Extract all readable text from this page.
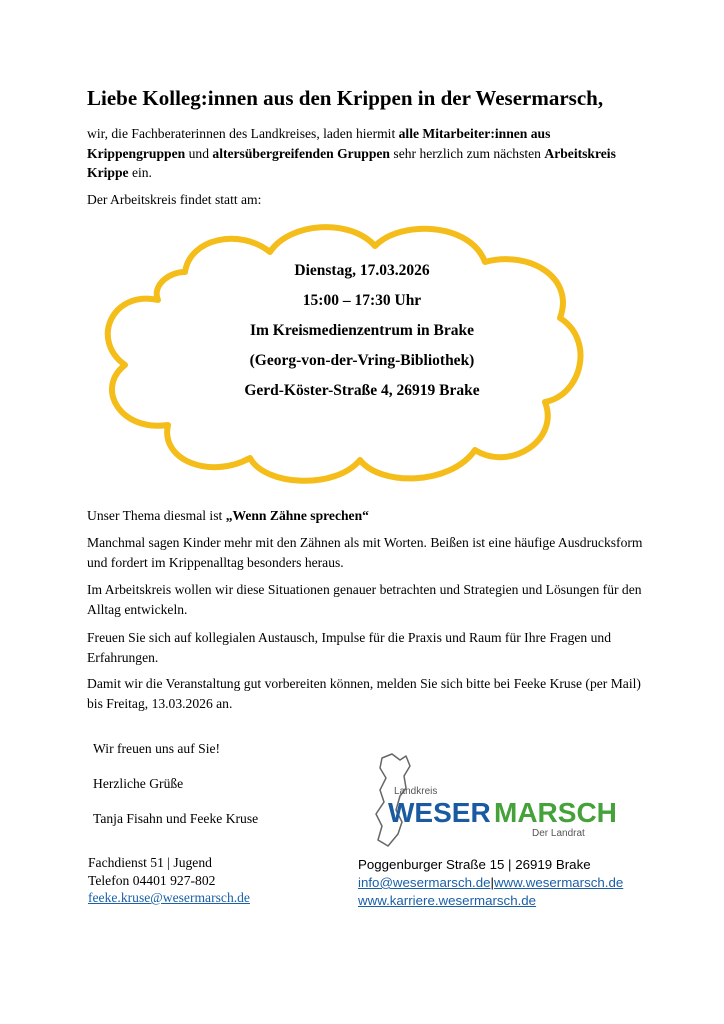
Liebe Kolleg:innen aus den Krippen in der Wesermarsch,
wir, die Fachberaterinnen des Landkreises, laden hiermit alle Mitarbeiter:innen aus Krippengruppen und altersübergreifenden Gruppen sehr herzlich zum nächsten Arbeitskreis Krippe ein.
Der Arbeitskreis findet statt am:
Dienstag, 17.03.2026
15:00 – 17:30 Uhr
Im Kreismedienzentrum in Brake
(Georg-von-der-Vring-Bibliothek)
Gerd-Köster-Straße 4, 26919 Brake
Unser Thema diesmal ist „Wenn Zähne sprechen“
Manchmal sagen Kinder mehr mit den Zähnen als mit Worten. Beißen ist eine häufige Ausdrucksform und fordert im Krippenalltag besonders heraus.
Im Arbeitskreis wollen wir diese Situationen genauer betrachten und Strategien und Lösungen für den Alltag entwickeln.
Freuen Sie sich auf kollegialen Austausch, Impulse für die Praxis und Raum für Ihre Fragen und Erfahrungen.
Damit wir die Veranstaltung gut vorbereiten können, melden Sie sich bitte bei Feeke Kruse (per Mail) bis Freitag, 13.03.2026 an.
Wir freuen uns auf Sie!
Herzliche Grüße
Tanja Fisahn und Feeke Kruse
Fachdienst 51 | Jugend
Telefon 04401 927-802
feeke.kruse@wesermarsch.de
Landkreis
WESER MARSCH
Der Landrat
Poggenburger Straße 15 | 26919 Brake
info@wesermarsch.de|www.wesermarsch.de
www.karriere.wesermarsch.de
